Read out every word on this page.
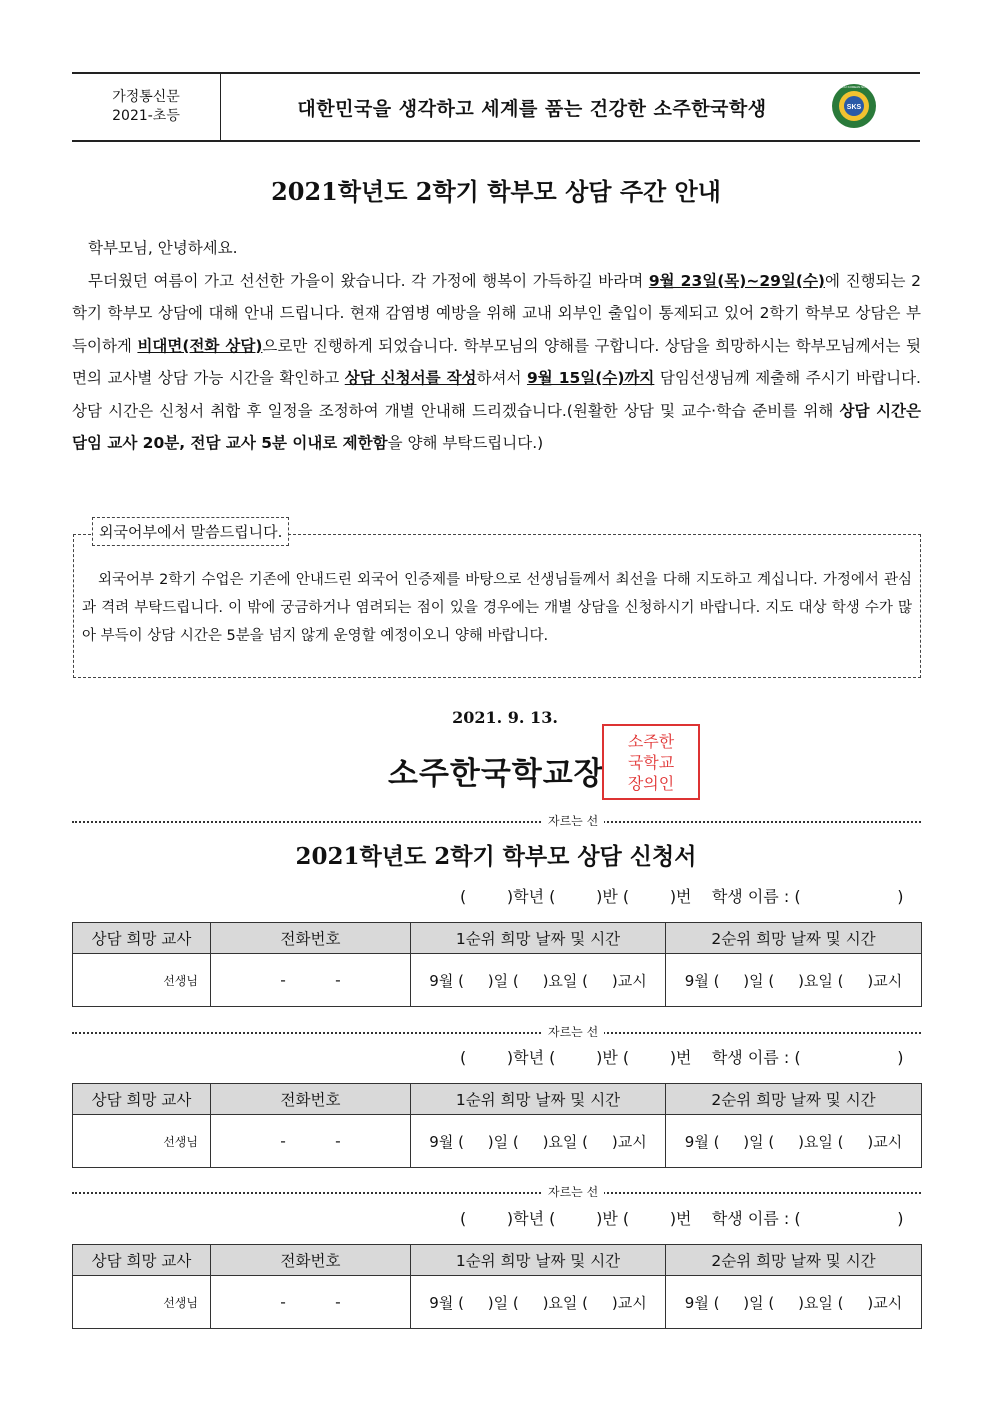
가정통신문
2021-초등	대한민국을 생각하고 세계를 품는 건강한 소주한국학생	SKS
SUZHOU KOREAN SCHOOL
2021학년도 2학기 학부모 상담 주간 안내

학부모님, 안녕하세요.

무더웠던 여름이 가고 선선한 가을이 왔습니다. 각 가정에 행복이 가득하길 바라며 9월 23일(목)~29일(수)에 진행되는 2학기 학부모 상담에 대해 안내 드립니다. 현재 감염병 예방을 위해 교내 외부인 출입이 통제되고 있어 2학기 학부모 상담은 부득이하게 비대면(전화 상담)으로만 진행하게 되었습니다. 학부모님의 양해를 구합니다. 상담을 희망하시는 학부모님께서는 뒷면의 교사별 상담 가능 시간을 확인하고 상담 신청서를 작성하셔서 9월 15일(수)까지 담임선생님께 제출해 주시기 바랍니다. 상담 시간은 신청서 취합 후 일정을 조정하여 개별 안내해 드리겠습니다.(원활한 상담 및 교수·학습 준비를 위해 상담 시간은 담임 교사 20분, 전담 교사 5분 이내로 제한함을 양해 부탁드립니다.)

외국어부에서 말씀드립니다.
외국어부 2학기 수업은 기존에 안내드린 외국어 인증제를 바탕으로 선생님들께서 최선을 다해 지도하고 계십니다. 가정에서 관심과 격려 부탁드립니다. 이 밖에 궁금하거나 염려되는 점이 있을 경우에는 개별 상담을 신청하시기 바랍니다. 지도 대상 학생 수가 많아 부득이 상담 시간은 5분을 넘지 않게 운영할 예정이오니 양해 바랍니다.
2021. 9. 13.
소주한국학교장
소주한
국학교
장의인
자르는 선
2021학년도 2학기 학부모 상담 신청서
(        )학년 (        )반 (        )번    학생 이름 : (                   )
상담 희망 교사	전화번호	1순위 희망 날짜 및 시간	2순위 희망 날짜 및 시간
선생님	-          -	9월 (     )일 (     )요일 (     )교시	9월 (     )일 (     )요일 (     )교시
자르는 선
(        )학년 (        )반 (        )번    학생 이름 : (                   )
상담 희망 교사	전화번호	1순위 희망 날짜 및 시간	2순위 희망 날짜 및 시간
선생님	-          -	9월 (     )일 (     )요일 (     )교시	9월 (     )일 (     )요일 (     )교시
자르는 선
(        )학년 (        )반 (        )번    학생 이름 : (                   )
상담 희망 교사	전화번호	1순위 희망 날짜 및 시간	2순위 희망 날짜 및 시간
선생님	-          -	9월 (     )일 (     )요일 (     )교시	9월 (     )일 (     )요일 (     )교시
